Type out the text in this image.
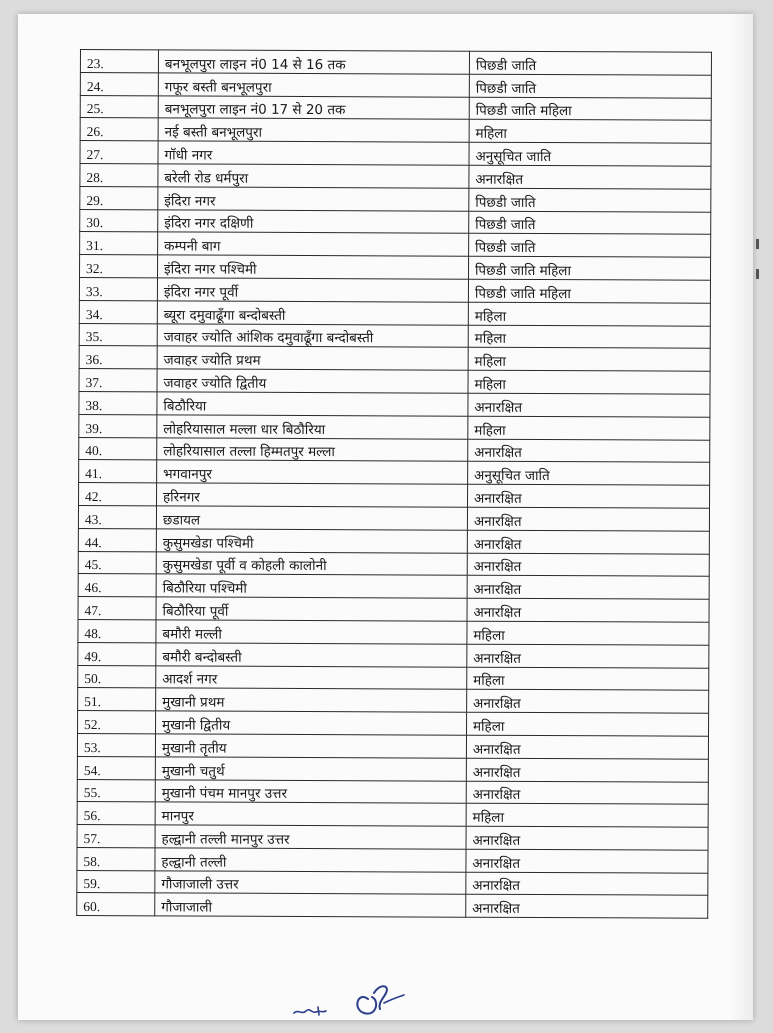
23.	बनभूलपुरा लाइन नं0 14 से 16 तक	पिछडी जाति
24.	गफूर बस्ती बनभूलपुरा	पिछडी जाति
25.	बनभूलपुरा लाइन नं0 17 से 20 तक	पिछडी जाति महिला
26.	नई बस्ती बनभूलपुरा	महिला
27.	गॉधी नगर	अनुसूचित जाति
28.	बरेली रोड धर्मपुरा	अनारक्षित
29.	इंदिरा नगर	पिछडी जाति
30.	इंदिरा नगर दक्षिणी	पिछडी जाति
31.	कम्पनी बाग	पिछडी जाति
32.	इंदिरा नगर पश्चिमी	पिछडी जाति महिला
33.	इंदिरा नगर पूर्वी	पिछडी जाति महिला
34.	ब्यूरा दमुवाढूँगा बन्दोबस्ती	महिला
35.	जवाहर ज्योति आंशिक दमुवाढूँगा बन्दोबस्ती	महिला
36.	जवाहर ज्योति प्रथम	महिला
37.	जवाहर ज्योति द्वितीय	महिला
38.	बिठौरिया	अनारक्षित
39.	लोहरियासाल मल्ला धार बिठौरिया	महिला
40.	लोहरियासाल तल्ला हिम्मतपुर मल्ला	अनारक्षित
41.	भगवानपुर	अनुसूचित जाति
42.	हरिनगर	अनारक्षित
43.	छडायल	अनारक्षित
44.	कुसुमखेडा पश्चिमी	अनारक्षित
45.	कुसुमखेडा पूर्वी व कोहली कालोनी	अनारक्षित
46.	बिठौरिया पश्चिमी	अनारक्षित
47.	बिठौरिया पूर्वी	अनारक्षित
48.	बमौरी मल्ली	महिला
49.	बमौरी बन्दोबस्ती	अनारक्षित
50.	आदर्श नगर	महिला
51.	मुखानी प्रथम	अनारक्षित
52.	मुखानी द्वितीय	महिला
53.	मुखानी तृतीय	अनारक्षित
54.	मुखानी चतुर्थ	अनारक्षित
55.	मुखानी पंचम मानपुर उत्तर	अनारक्षित
56.	मानपुर	महिला
57.	हल्द्वानी तल्ली मानपुर उत्तर	अनारक्षित
58.	हल्द्वानी तल्ली	अनारक्षित
59.	गौजाजाली उत्तर	अनारक्षित
60.	गौजाजाली	अनारक्षित
